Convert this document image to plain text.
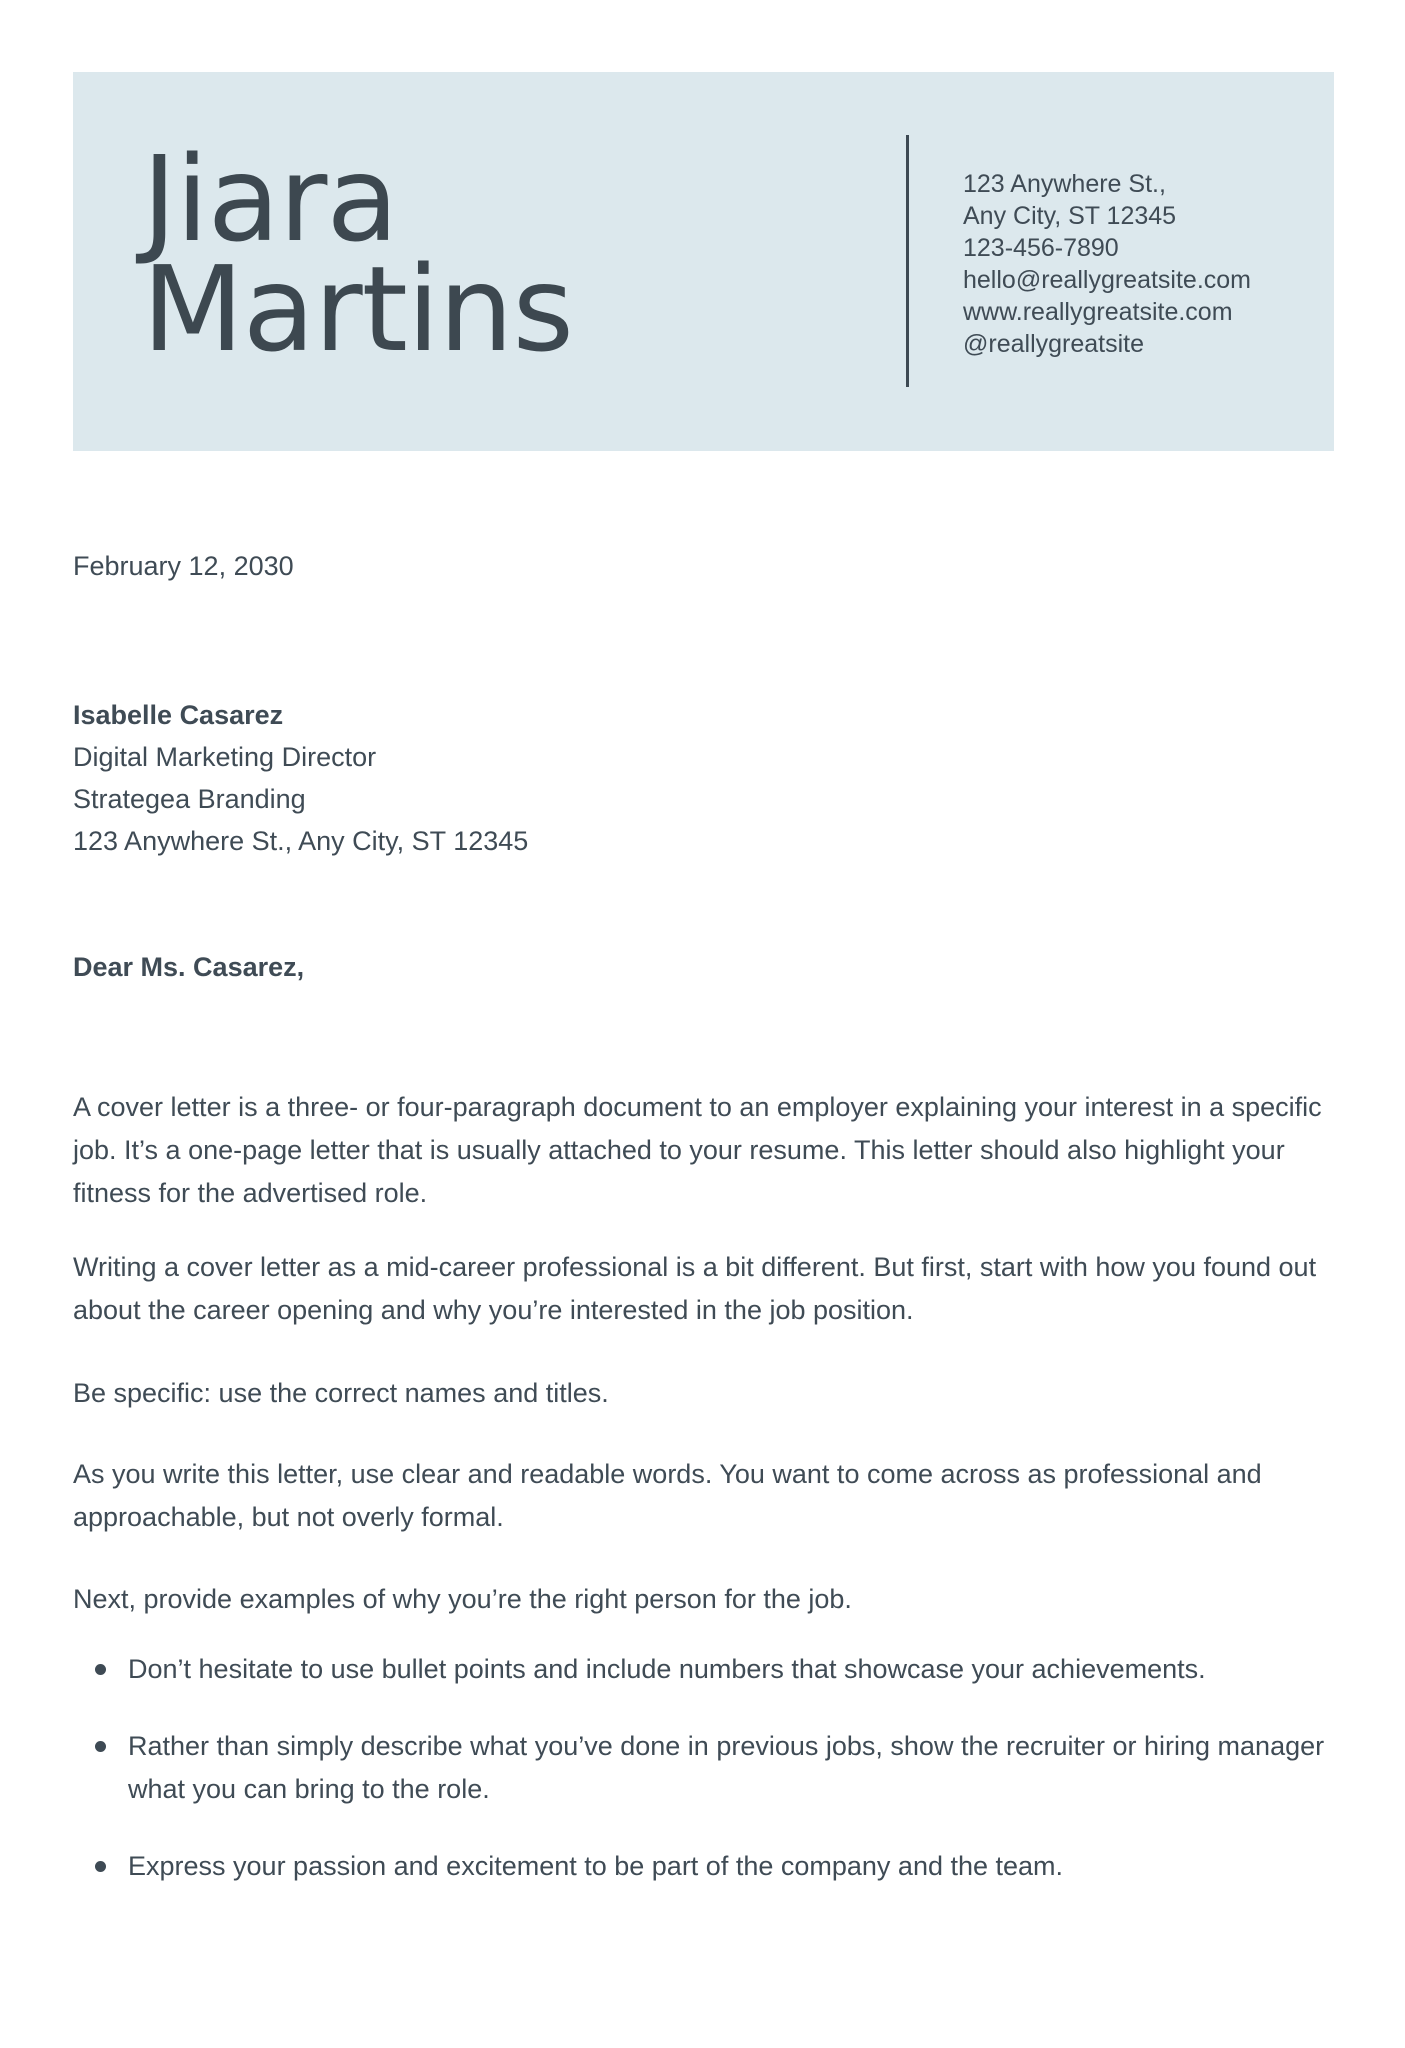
Jiara
Martins
123 Anywhere St.,
Any City, ST 12345
123-456-7890
hello@reallygreatsite.com
www.reallygreatsite.com
@reallygreatsite
February 12, 2030
Isabelle Casarez
Digital Marketing Director
Strategea Branding
123 Anywhere St., Any City, ST 12345
Dear Ms. Casarez,

A cover letter is a three- or four-paragraph document to an employer explaining your interest in a specific job. It’s a one-page letter that is usually attached to your resume. This letter should also highlight your fitness for the advertised role.

Writing a cover letter as a mid-career professional is a bit different. But first, start with how you found out about the career opening and why you’re interested in the job position.

Be specific: use the correct names and titles.

As you write this letter, use clear and readable words. You want to come across as professional and approachable, but not overly formal.

Next, provide examples of why you’re the right person for the job.

Don’t hesitate to use bullet points and include numbers that showcase your achievements.
Rather than simply describe what you’ve done in previous jobs, show the recruiter or hiring manager what you can bring to the role.
Express your passion and excitement to be part of the company and the team.
